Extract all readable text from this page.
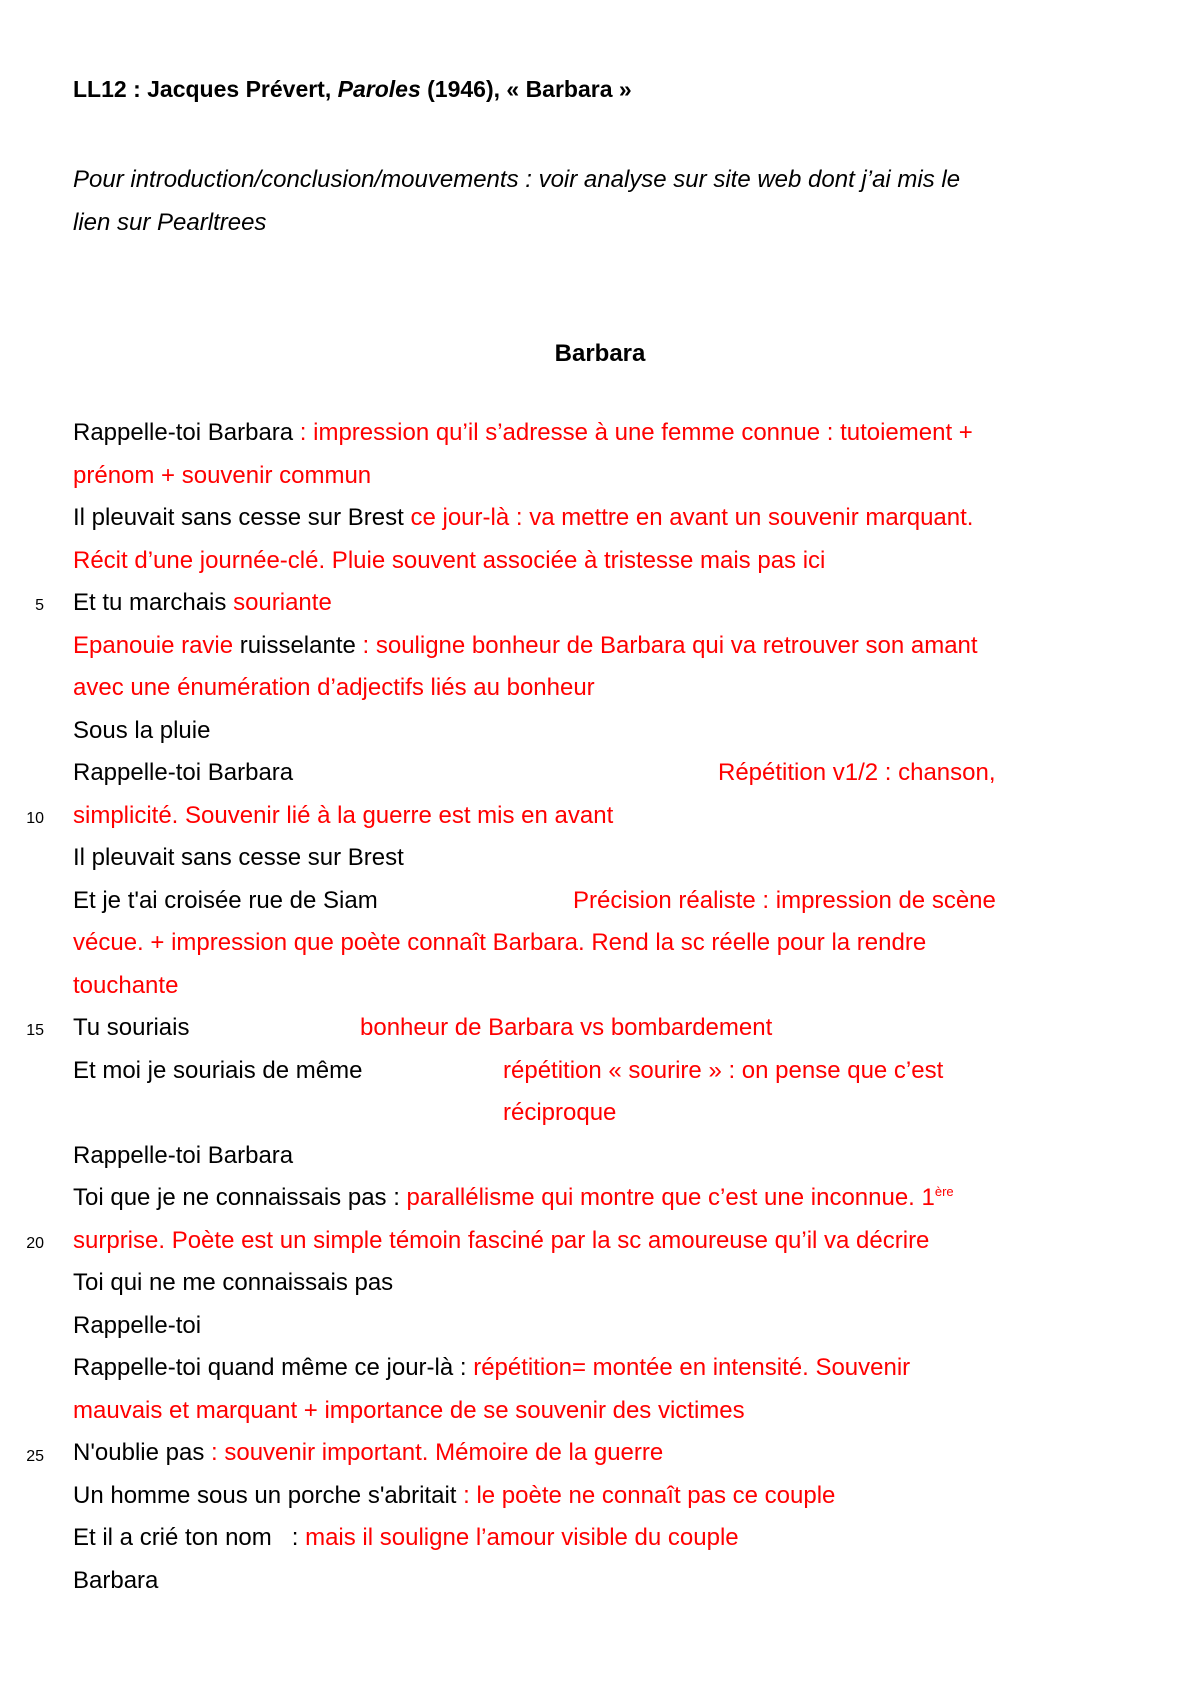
LL12 : Jacques Prévert, Paroles (1946), « Barbara »
Pour introduction/conclusion/mouvements : voir analyse sur site web dont j’ai mis le
lien sur Pearltrees
Barbara
5
10
15
20
25
Rappelle-toi Barbara : impression qu’il s’adresse à une femme connue : tutoiement +
prénom + souvenir commun
Il pleuvait sans cesse sur Brest ce jour-là : va mettre en avant un souvenir marquant.
Récit d’une journée-clé. Pluie souvent associée à tristesse mais pas ici
Et tu marchais souriante
Epanouie ravie ruisselante : souligne bonheur de Barbara qui va retrouver son amant
avec une énumération d’adjectifs liés au bonheur
Sous la pluie
Rappelle-toi Barbara	Répétition v1/2 : chanson,
simplicité. Souvenir lié à la guerre est mis en avant
Il pleuvait sans cesse sur Brest
Et je t'ai croisée rue de Siam	Précision réaliste : impression de scène
vécue. + impression que poète connaît Barbara. Rend la sc réelle pour la rendre
touchante
Tu souriais	bonheur de Barbara vs bombardement
Et moi je souriais de même	répétition « sourire » : on pense que c’est
réciproque
Rappelle-toi Barbara
Toi que je ne connaissais pas : parallélisme qui montre que c’est une inconnue. 1ère
surprise. Poète est un simple témoin fasciné par la sc amoureuse qu’il va décrire
Toi qui ne me connaissais pas
Rappelle-toi
Rappelle-toi quand même ce jour-là : répétition= montée en intensité. Souvenir
mauvais et marquant + importance de se souvenir des victimes
N'oublie pas : souvenir important. Mémoire de la guerre
Un homme sous un porche s'abritait : le poète ne connaît pas ce couple
Et il a crié ton nom   : mais il souligne l’amour visible du couple
Barbara
